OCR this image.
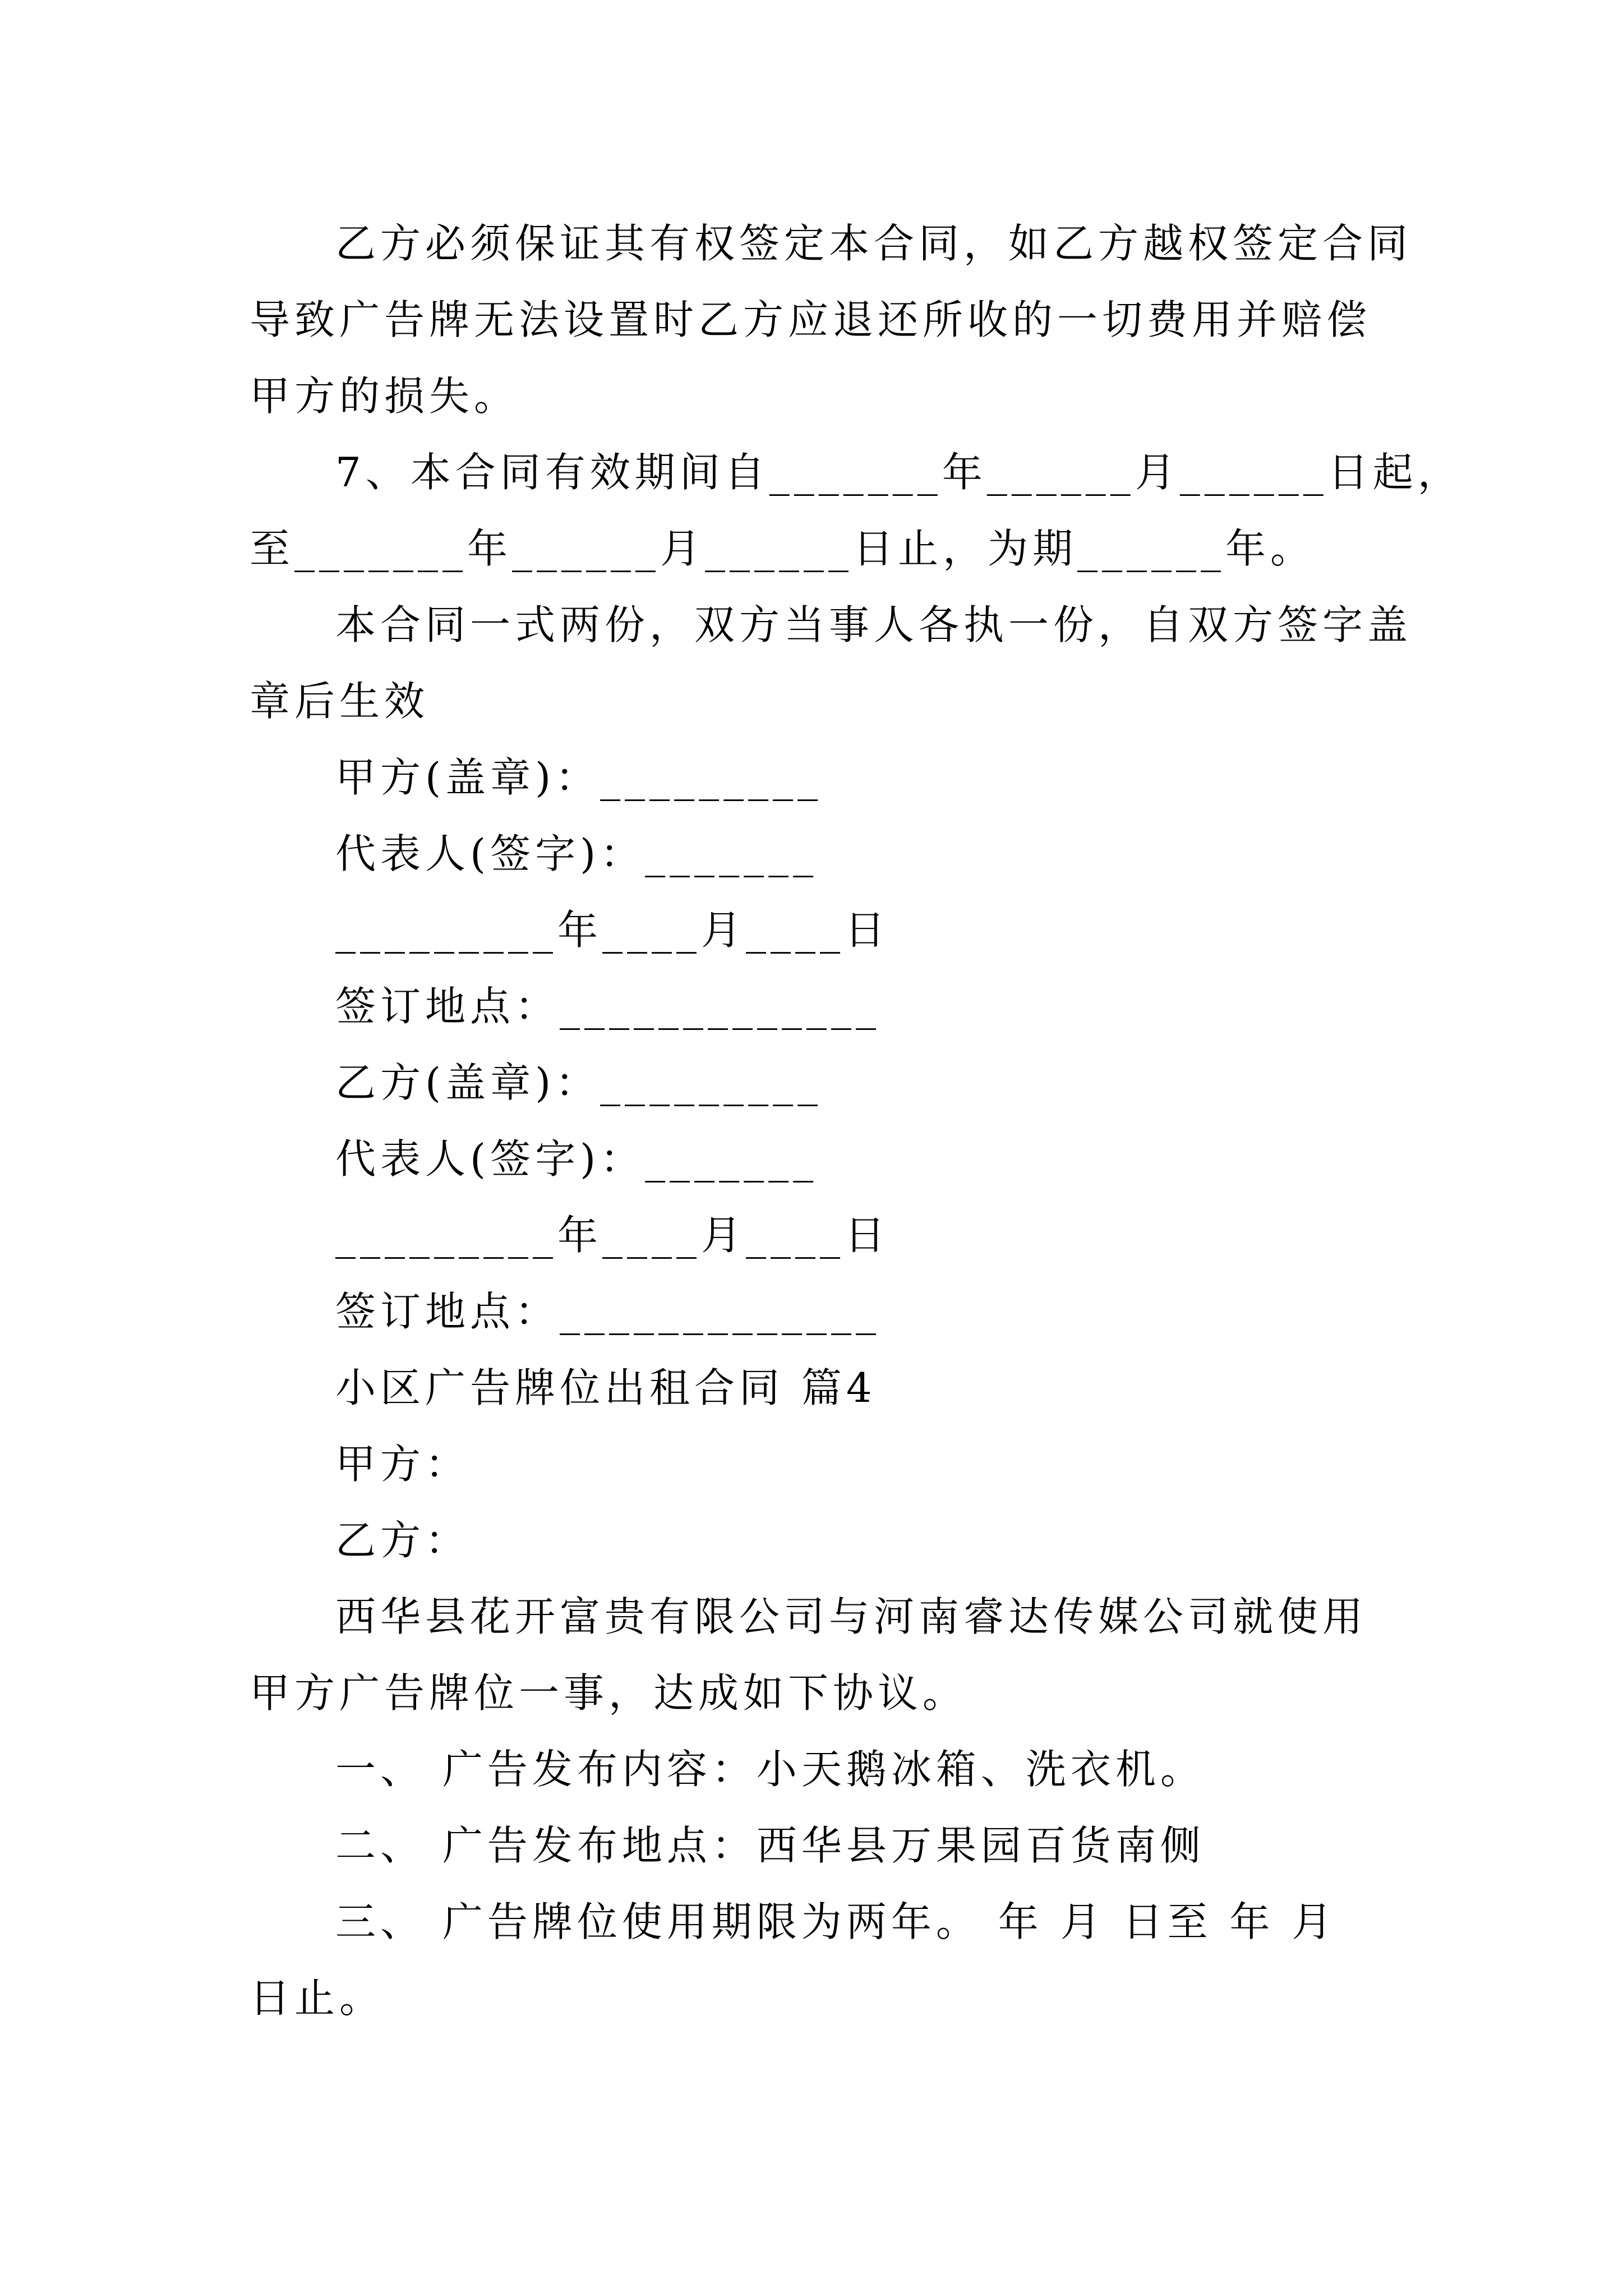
乙方必须保证其有权签定本合同，如乙方越权签定合同
导致广告牌无法设置时乙方应退还所收的一切费用并赔偿
甲方的损失。
7、本合同有效期间自_______年______月______日起，
至_______年______月______日止，为期______年。
本合同一式两份，双方当事人各执一份，自双方签字盖
章后生效
甲方(盖章)：_________
代表人(签字)：_______
_________年____月____日
签订地点：_____________
乙方(盖章)：_________
代表人(签字)：_______
_________年____月____日
签订地点：_____________
小区广告牌位出租合同 篇4
甲方：
乙方：
西华县花开富贵有限公司与河南睿达传媒公司就使用
甲方广告牌位一事，达成如下协议。
一、 广告发布内容：小天鹅冰箱、洗衣机。
二、 广告发布地点：西华县万果园百货南侧
三、 广告牌位使用期限为两年。 年 月 日至 年 月
日止。
